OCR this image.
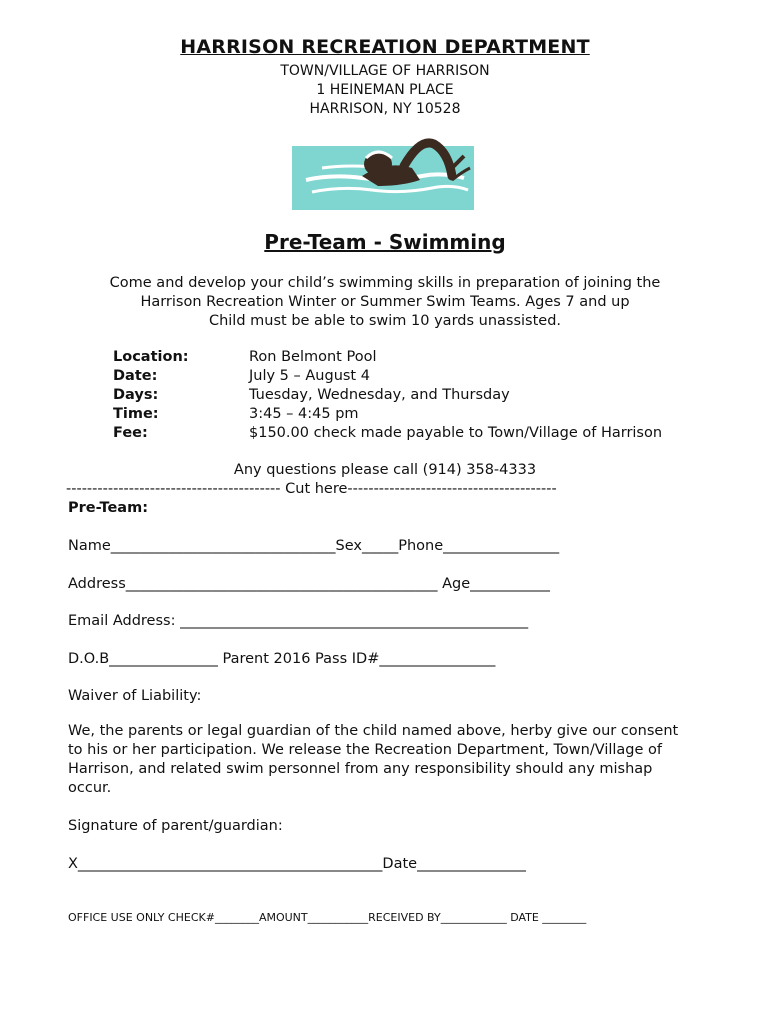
HARRISON RECREATION DEPARTMENT
TOWN/VILLAGE OF HARRISON
1 HEINEMAN PLACE
HARRISON, NY 10528
Pre-Team - Swimming
Come and develop your child’s swimming skills in preparation of joining the
Harrison Recreation Winter or Summer Swim Teams. Ages 7 and up
Child must be able to swim 10 yards unassisted.
Location:	Ron Belmont Pool
Date:	July 5 – August 4
Days:	Tuesday, Wednesday, and Thursday
Time:	3:45 – 4:45 pm
Fee:	$150.00 check made payable to Town/Village of Harrison
Any questions please call (914) 358-4333
----------------------------------------- Cut here----------------------------------------
Pre-Team:
Name_______________________________Sex_____Phone________________
Address___________________________________________ Age___________
Email Address: ________________________________________________
D.O.B_______________ Parent 2016 Pass ID#________________
Waiver of Liability:
We, the parents or legal guardian of the child named above, herby give our consent to his or her participation. We release the Recreation Department, Town/Village of Harrison, and related swim personnel from any responsibility should any mishap occur.
Signature of parent/guardian:
X__________________________________________Date_______________
OFFICE USE ONLY CHECK#________AMOUNT___________RECEIVED BY____________ DATE ________
